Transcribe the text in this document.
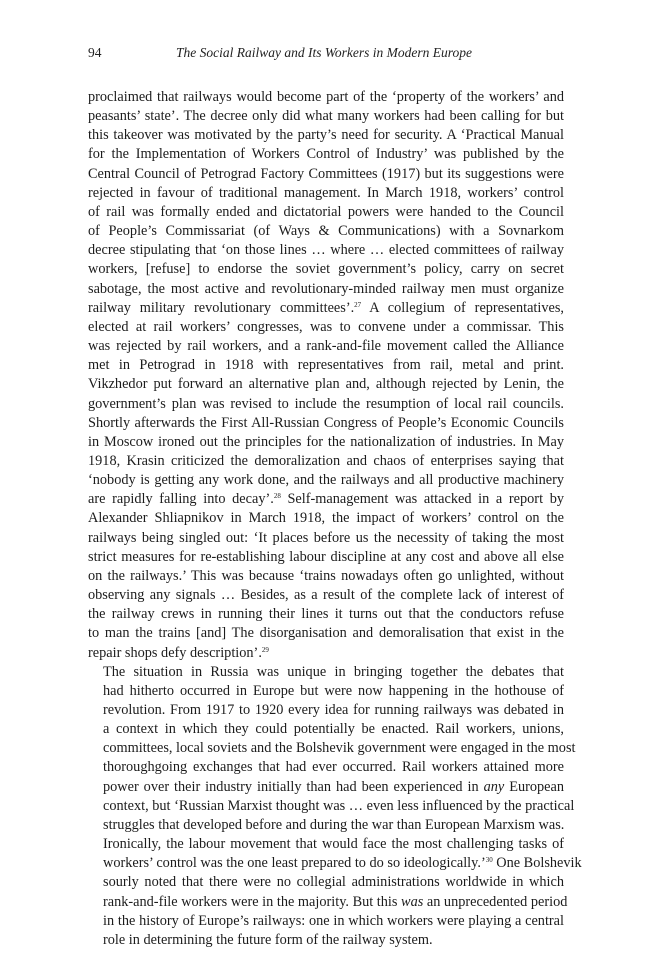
94	The Social Railway and Its Workers in Modern Europe

proclaimed that railways would become part of the ‘property of the workers’ and
peasants’ state’. The decree only did what many workers had been calling for but
this takeover was motivated by the party’s need for security. A ‘Practical Manual
for the Implementation of Workers Control of Industry’ was published by the
Central Council of Petrograd Factory Committees (1917) but its suggestions were
rejected in favour of traditional management. In March 1918, workers’ control
of rail was formally ended and dictatorial powers were handed to the Council
of People’s Commissariat (of Ways & Communications) with a Sovnarkom
decree stipulating that ‘on those lines … where … elected committees of railway
workers, [refuse] to endorse the soviet government’s policy, carry on secret
sabotage, the most active and revolutionary-minded railway men must organize
railway military revolutionary committees’.$^{27}$ A collegium of representatives,
elected at rail workers’ congresses, was to convene under a commissar. This
was rejected by rail workers, and a rank-and-file movement called the Alliance
met in Petrograd in 1918 with representatives from rail, metal and print.
Vikzhedor put forward an alternative plan and, although rejected by Lenin, the
government’s plan was revised to include the resumption of local rail councils.
Shortly afterwards the First All-Russian Congress of People’s Economic Councils
in Moscow ironed out the principles for the nationalization of industries. In May
1918, Krasin criticized the demoralization and chaos of enterprises saying that
‘nobody is getting any work done, and the railways and all productive machinery
are rapidly falling into decay’.$^{28}$ Self-management was attacked in a report by
Alexander Shliapnikov in March 1918, the impact of workers’ control on the
railways being singled out: ‘It places before us the necessity of taking the most
strict measures for re-establishing labour discipline at any cost and above all else
on the railways.’ This was because ‘trains nowadays often go unlighted, without
observing any signals … Besides, as a result of the complete lack of interest of
the railway crews in running their lines it turns out that the conductors refuse
to man the trains [and] The disorganisation and demoralisation that exist in the
repair shops defy description’.$^{29}$

The situation in Russia was unique in bringing together the debates that
had hitherto occurred in Europe but were now happening in the hothouse of
revolution. From 1917 to 1920 every idea for running railways was debated in
a context in which they could potentially be enacted. Rail workers, unions,
committees, local soviets and the Bolshevik government were engaged in the most
thoroughgoing exchanges that had ever occurred. Rail workers attained more
power over their industry initially than had been experienced in any European
context, but ‘Russian Marxist thought was … even less influenced by the practical
struggles that developed before and during the war than European Marxism was.
Ironically, the labour movement that would face the most challenging tasks of
workers’ control was the one least prepared to do so ideologically.’$^{30}$ One Bolshevik
sourly noted that there were no collegial administrations worldwide in which
rank-and-file workers were in the majority. But this was an unprecedented period
in the history of Europe’s railways: one in which workers were playing a central
role in determining the future form of the railway system.
